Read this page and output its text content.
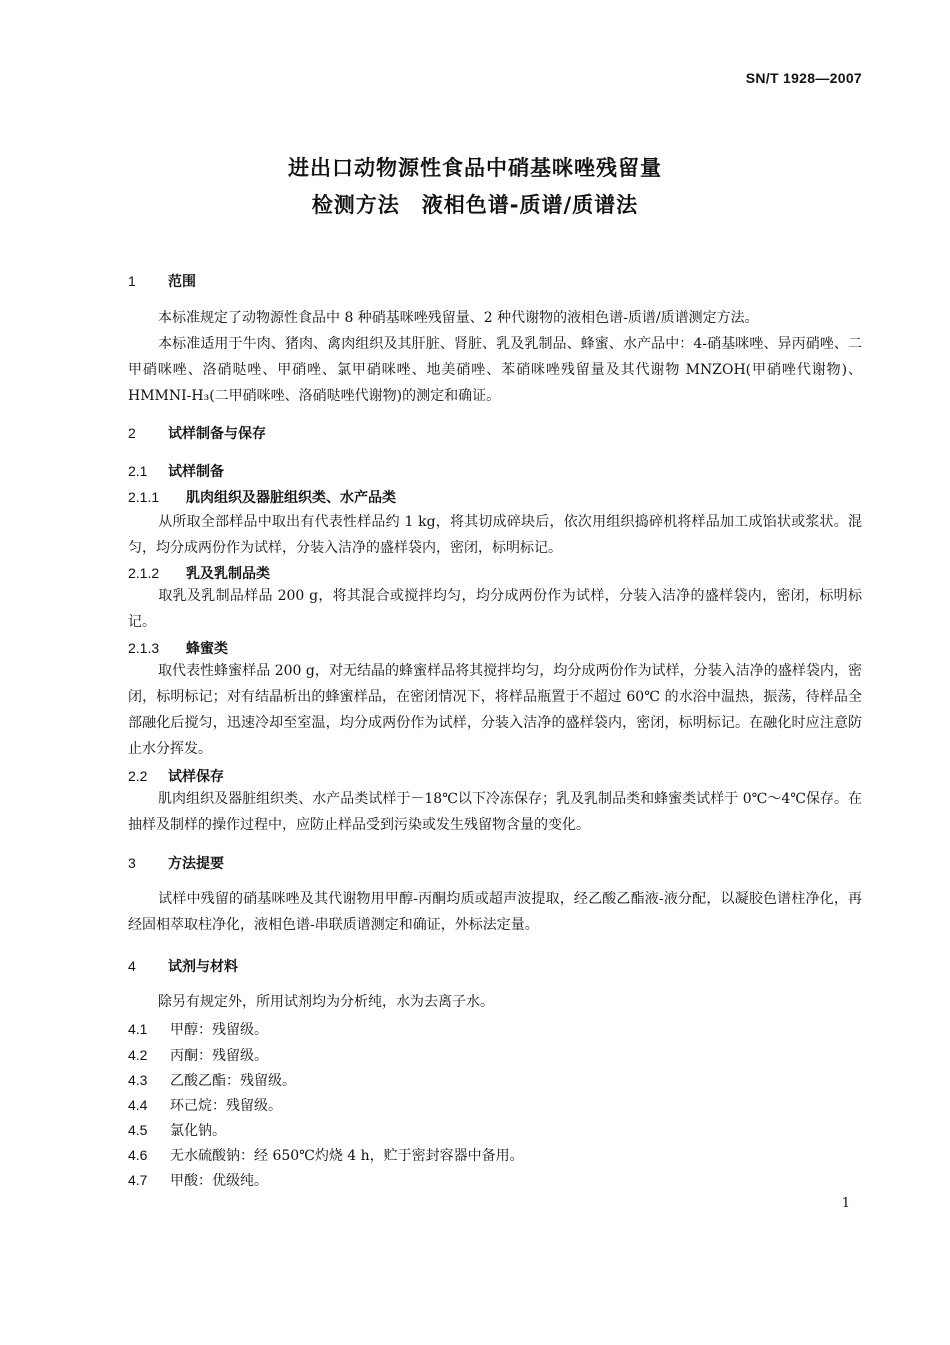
SN/T 1928—2007
进出口动物源性食品中硝基咪唑残留量
检测方法　液相色谱-质谱/质谱法
1 范围
本标准规定了动物源性食品中 8 种硝基咪唑残留量、2 种代谢物的液相色谱-质谱/质谱测定方法。
本标准适用于牛肉、猪肉、禽肉组织及其肝脏、肾脏、乳及乳制品、蜂蜜、水产品中：4-硝基咪唑、异丙硝唑、二甲硝咪唑、洛硝哒唑、甲硝唑、氯甲硝咪唑、地美硝唑、苯硝咪唑残留量及其代谢物 MNZOH(甲硝唑代谢物)、HMMNI-H₃(二甲硝咪唑、洛硝哒唑代谢物)的测定和确证。
2 试样制备与保存
2.1 试样制备
2.1.1 肌肉组织及器脏组织类、水产品类
从所取全部样品中取出有代表性样品约 1 kg，将其切成碎块后，依次用组织捣碎机将样品加工成馅状或浆状。混匀，均分成两份作为试样，分装入洁净的盛样袋内，密闭，标明标记。
2.1.2 乳及乳制品类
取乳及乳制品样品 200 g，将其混合或搅拌均匀，均分成两份作为试样，分装入洁净的盛样袋内，密闭，标明标记。
2.1.3 蜂蜜类
取代表性蜂蜜样品 200 g，对无结晶的蜂蜜样品将其搅拌均匀，均分成两份作为试样，分装入洁净的盛样袋内，密闭，标明标记；对有结晶析出的蜂蜜样品，在密闭情况下，将样品瓶置于不超过 60℃ 的水浴中温热，振荡，待样品全部融化后搅匀，迅速冷却至室温，均分成两份作为试样，分装入洁净的盛样袋内，密闭，标明标记。在融化时应注意防止水分挥发。
2.2 试样保存
肌肉组织及器脏组织类、水产品类试样于－18℃以下冷冻保存；乳及乳制品类和蜂蜜类试样于 0℃～4℃保存。在抽样及制样的操作过程中，应防止样品受到污染或发生残留物含量的变化。
3 方法提要
试样中残留的硝基咪唑及其代谢物用甲醇-丙酮均质或超声波提取，经乙酸乙酯液-液分配，以凝胶色谱柱净化，再经固相萃取柱净化，液相色谱-串联质谱测定和确证，外标法定量。
4 试剂与材料
除另有规定外，所用试剂均为分析纯，水为去离子水。
4.1 甲醇：残留级。
4.2 丙酮：残留级。
4.3 乙酸乙酯：残留级。
4.4 环己烷：残留级。
4.5 氯化钠。
4.6 无水硫酸钠：经 650℃灼烧 4 h，贮于密封容器中备用。
4.7 甲酸：优级纯。
1
